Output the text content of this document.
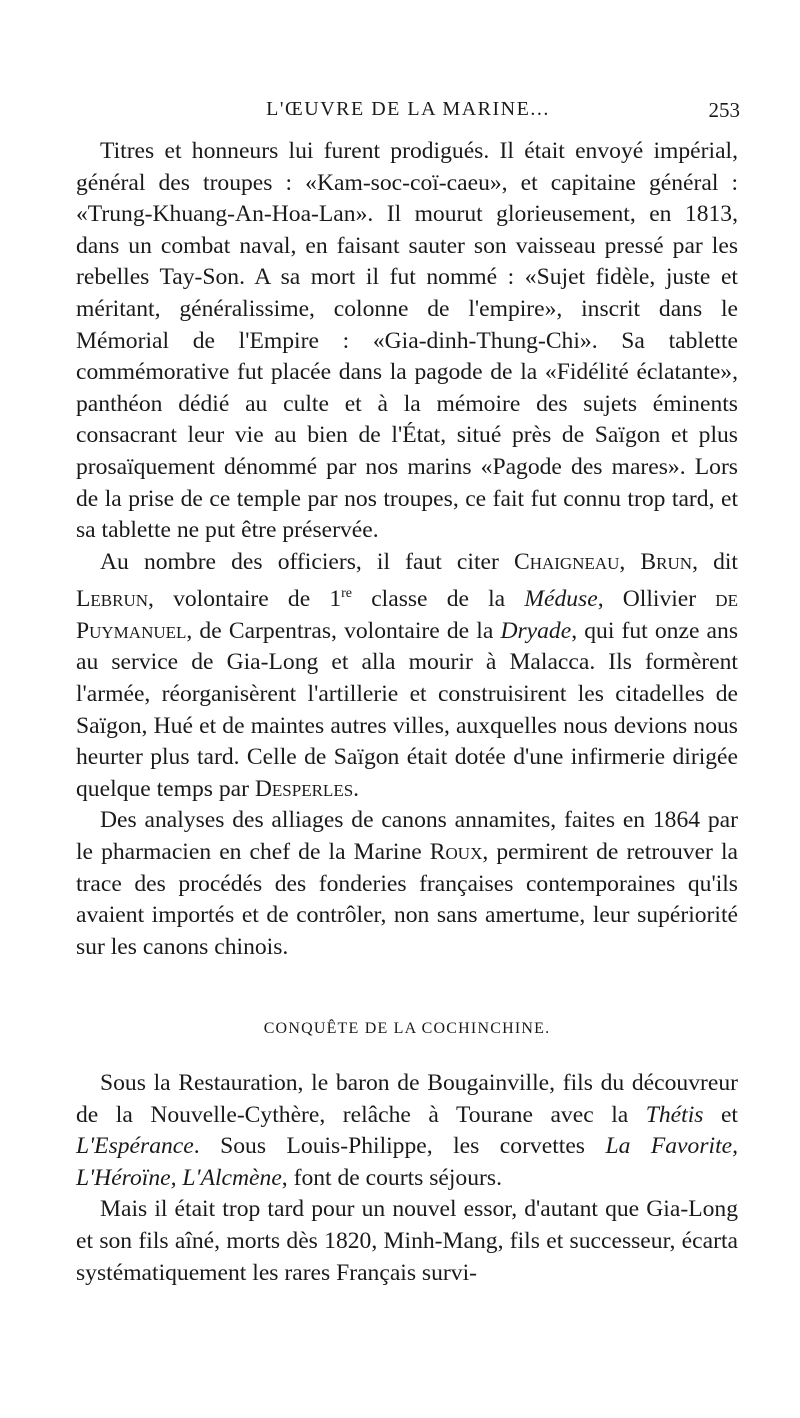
L'ŒUVRE DE LA MARINE...	253

Titres et honneurs lui furent prodigués. Il était envoyé impérial, général des troupes : «Kam-soc-coï-caeu», et capitaine général : «Trung-Khuang-An-Hoa-Lan». Il mourut glorieusement, en 1813, dans un combat naval, en faisant sauter son vaisseau pressé par les rebelles Tay-Son. A sa mort il fut nommé : «Sujet fidèle, juste et méritant, généralissime, colonne de l'empire», inscrit dans le Mémorial de l'Empire : «Gia-dinh-Thung-Chi». Sa tablette commémorative fut placée dans la pagode de la «Fidélité éclatante», panthéon dédié au culte et à la mémoire des sujets éminents consacrant leur vie au bien de l'État, situé près de Saïgon et plus prosaïquement dénommé par nos marins «Pagode des mares». Lors de la prise de ce temple par nos troupes, ce fait fut connu trop tard, et sa tablette ne put être préservée.

Au nombre des officiers, il faut citer Chaigneau, Brun, dit Lebrun, volontaire de 1re classe de la Méduse, Ollivier de Puymanuel, de Carpentras, volontaire de la Dryade, qui fut onze ans au service de Gia-Long et alla mourir à Malacca. Ils formèrent l'armée, réorganisèrent l'artillerie et construisirent les citadelles de Saïgon, Hué et de maintes autres villes, auxquelles nous devions nous heurter plus tard. Celle de Saïgon était dotée d'une infirmerie dirigée quelque temps par Desperles.

Des analyses des alliages de canons annamites, faites en 1864 par le pharmacien en chef de la Marine Roux, permirent de retrouver la trace des procédés des fonderies françaises contemporaines qu'ils avaient importés et de contrôler, non sans amertume, leur supériorité sur les canons chinois.

CONQUÊTE DE LA COCHINCHINE.

Sous la Restauration, le baron de Bougainville, fils du découvreur de la Nouvelle-Cythère, relâche à Tourane avec la Thétis et L'Espérance. Sous Louis-Philippe, les corvettes La Favorite, L'Héroïne, L'Alcmène, font de courts séjours.

Mais il était trop tard pour un nouvel essor, d'autant que Gia-Long et son fils aîné, morts dès 1820, Minh-Mang, fils et successeur, écarta systématiquement les rares Français survi-
